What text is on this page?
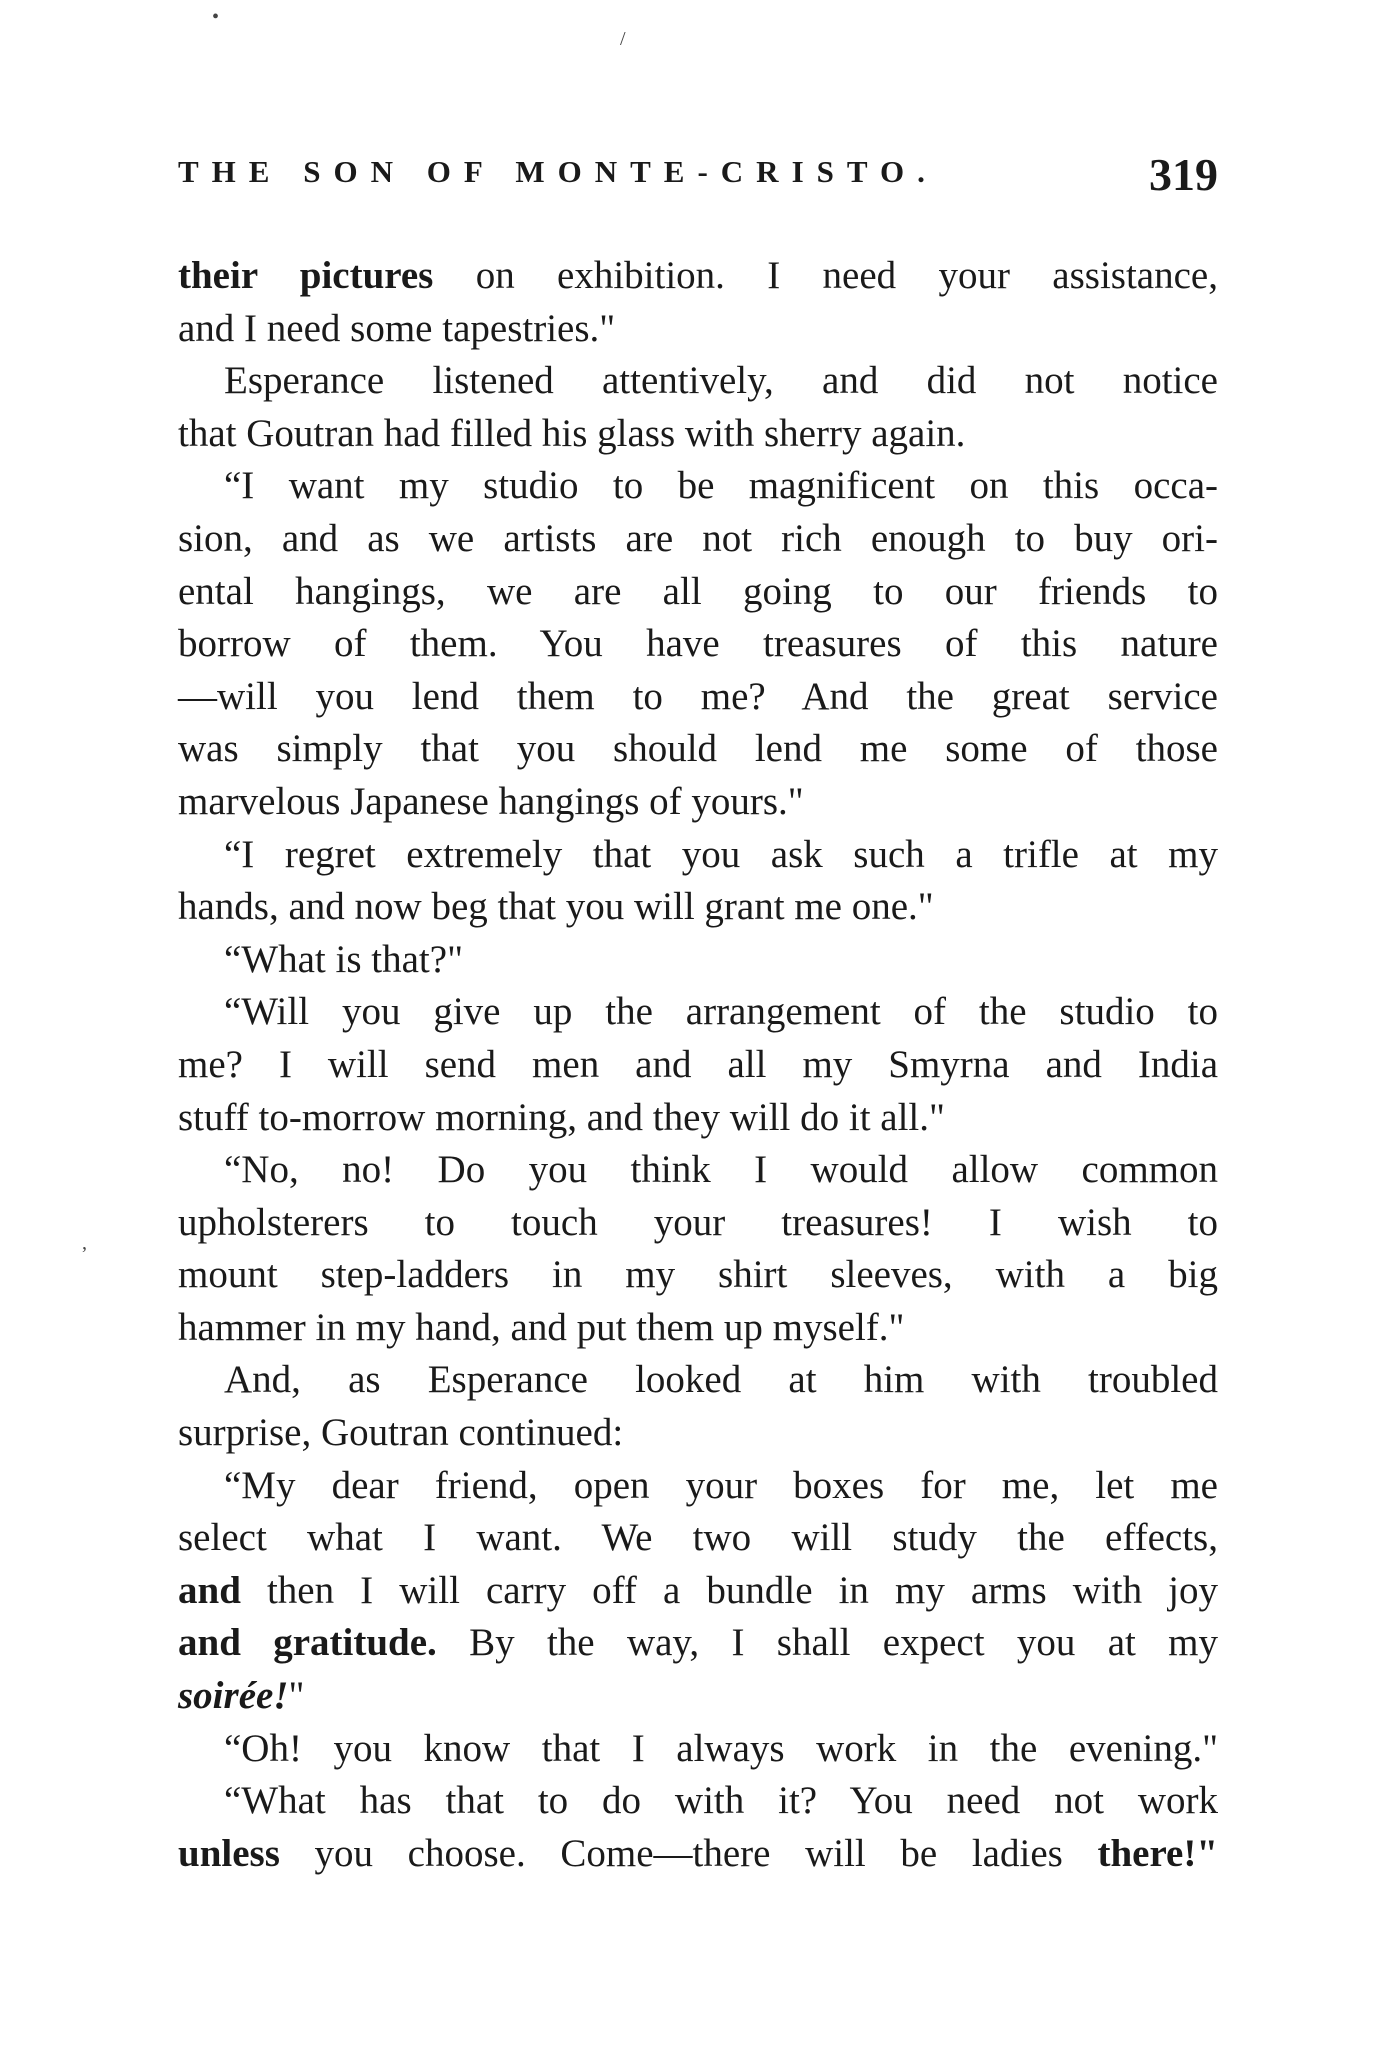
•
/
,
THE SON OF MONTE-CRISTO.	319
their pictures on exhibition. I need your assistance,
and I need some tapestries."
Esperance listened attentively, and did not notice
that Goutran had filled his glass with sherry again.
“I want my studio to be magnificent on this occa-
sion, and as we artists are not rich enough to buy ori-
ental hangings, we are all going to our friends to
borrow of them. You have treasures of this nature
—will you lend them to me? And the great service
was simply that you should lend me some of those
marvelous Japanese hangings of yours."
“I regret extremely that you ask such a trifle at my
hands, and now beg that you will grant me one."
“What is that?"
“Will you give up the arrangement of the studio to
me? I will send men and all my Smyrna and India
stuff to-morrow morning, and they will do it all."
“No, no! Do you think I would allow common
upholsterers to touch your treasures! I wish to
mount step-ladders in my shirt sleeves, with a big
hammer in my hand, and put them up myself."
And, as Esperance looked at him with troubled
surprise, Goutran continued:
“My dear friend, open your boxes for me, let me
select what I want. We two will study the effects,
and then I will carry off a bundle in my arms with joy
and gratitude. By the way, I shall expect you at my
soirée!"
“Oh! you know that I always work in the evening."
“What has that to do with it? You need not work
unless you choose. Come—there will be ladies there!"
